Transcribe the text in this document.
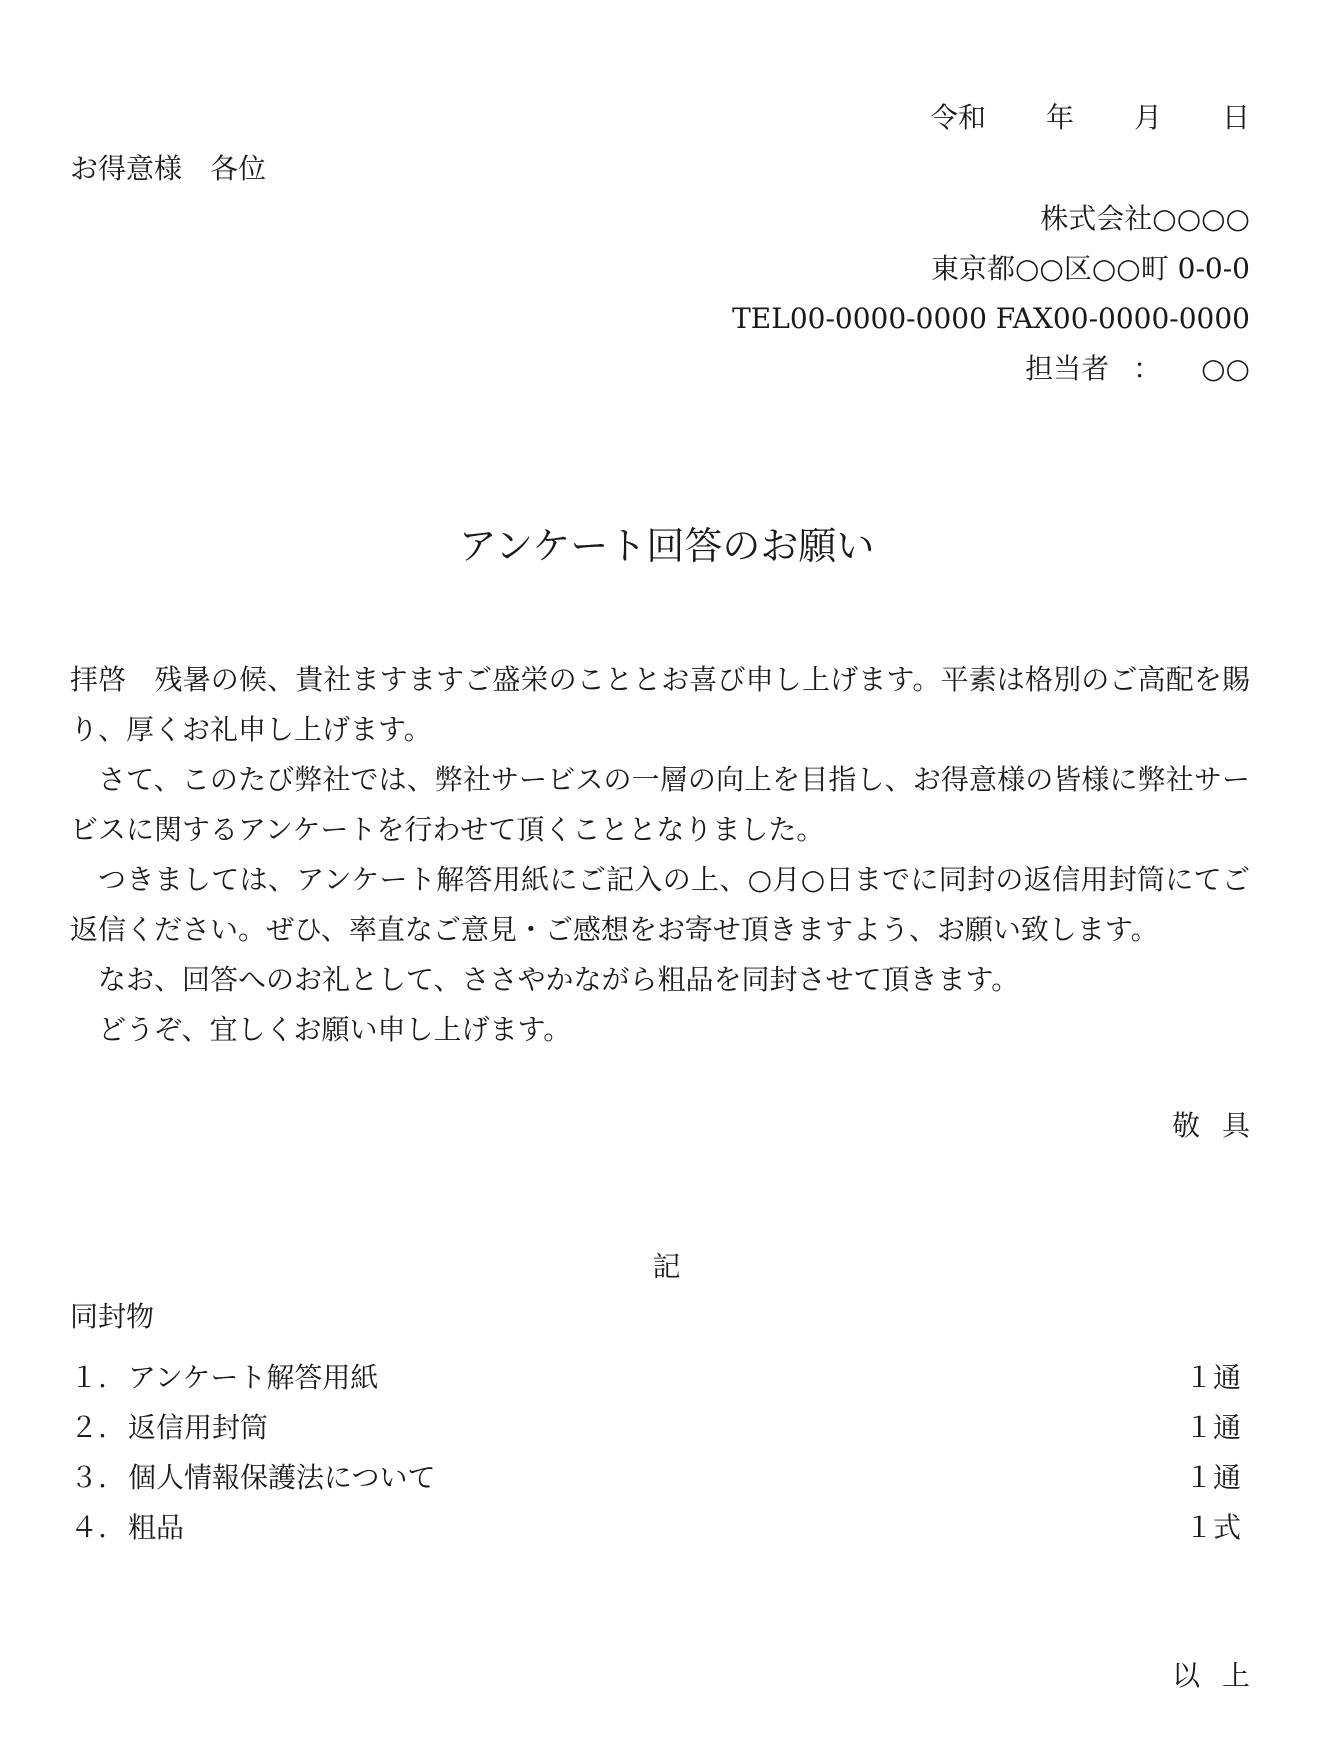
令和 年 月 日
お得意様　各位
株式会社○○○○
東京都○○区○○町 0-0-0
TEL00-0000-0000 FAX00-0000-0000
担当者 ： ○○
アンケート回答のお願い

拝啓　残暑の候、貴社ますますご盛栄のこととお喜び申し上げます。平素は格別のご高配を賜り、厚くお礼申し上げます。

さて、このたび弊社では、弊社サービスの一層の向上を目指し、お得意様の皆様に弊社サービスに関するアンケートを行わせて頂くこととなりました。

つきましては、アンケート解答用紙にご記入の上、○月○日までに同封の返信用封筒にてご返信ください。ぜひ、率直なご意見・ご感想をお寄せ頂きますよう、お願い致します。

なお、回答へのお礼として、ささやかながら粗品を同封させて頂きます。

どうぞ、宜しくお願い申し上げます。

敬具
記
同封物
１. アンケート解答用紙	１通
２. 返信用封筒	１通
３. 個人情報保護法について	１通
４. 粗品	１式
以上
